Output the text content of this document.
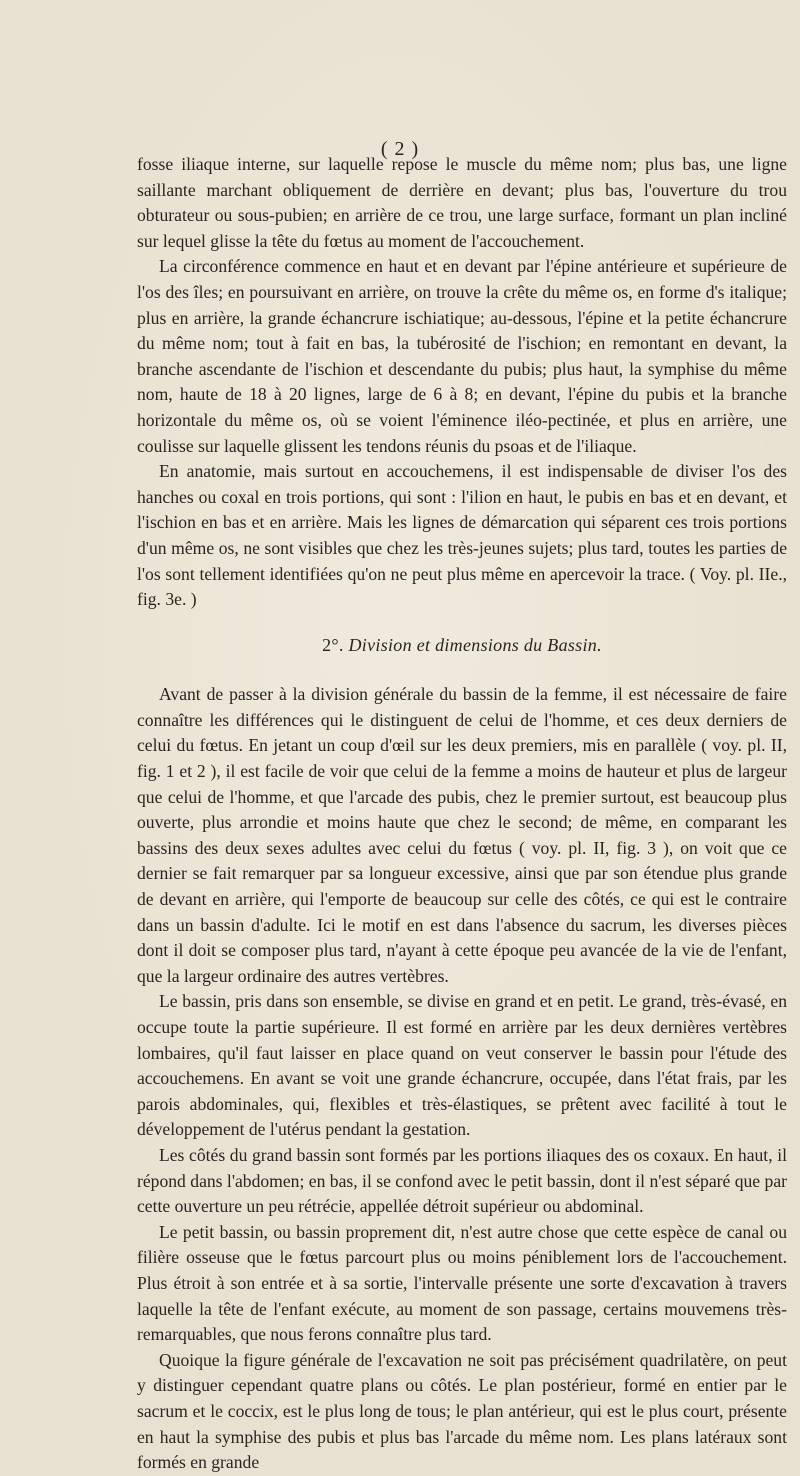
( 2 )

fosse iliaque interne, sur laquelle repose le muscle du même nom; plus bas, une ligne saillante marchant obliquement de derrière en devant; plus bas, l'ouverture du trou obturateur ou sous-pubien; en arrière de ce trou, une large surface, formant un plan incliné sur lequel glisse la tête du fœtus au moment de l'accouchement.

La circonférence commence en haut et en devant par l'épine antérieure et supérieure de l'os des îles; en poursuivant en arrière, on trouve la crête du même os, en forme d's italique; plus en arrière, la grande échancrure ischiatique; au-dessous, l'épine et la petite échancrure du même nom; tout à fait en bas, la tubérosité de l'ischion; en remontant en devant, la branche ascendante de l'ischion et descendante du pubis; plus haut, la symphise du même nom, haute de 18 à 20 lignes, large de 6 à 8; en devant, l'épine du pubis et la branche horizontale du même os, où se voient l'éminence iléo-pectinée, et plus en arrière, une coulisse sur laquelle glissent les tendons réunis du psoas et de l'iliaque.

En anatomie, mais surtout en accouchemens, il est indispensable de diviser l'os des hanches ou coxal en trois portions, qui sont : l'ilion en haut, le pubis en bas et en devant, et l'ischion en bas et en arrière. Mais les lignes de démarcation qui séparent ces trois portions d'un même os, ne sont visibles que chez les très-jeunes sujets; plus tard, toutes les parties de l'os sont tellement identifiées qu'on ne peut plus même en apercevoir la trace. ( Voy. pl. IIe., fig. 3e. )

2°. Division et dimensions du Bassin.

Avant de passer à la division générale du bassin de la femme, il est nécessaire de faire connaître les différences qui le distinguent de celui de l'homme, et ces deux derniers de celui du fœtus. En jetant un coup d'œil sur les deux premiers, mis en parallèle ( voy. pl. II, fig. 1 et 2 ), il est facile de voir que celui de la femme a moins de hauteur et plus de largeur que celui de l'homme, et que l'arcade des pubis, chez le premier surtout, est beaucoup plus ouverte, plus arrondie et moins haute que chez le second; de même, en comparant les bassins des deux sexes adultes avec celui du fœtus ( voy. pl. II, fig. 3 ), on voit que ce dernier se fait remarquer par sa longueur excessive, ainsi que par son étendue plus grande de devant en arrière, qui l'emporte de beaucoup sur celle des côtés, ce qui est le contraire dans un bassin d'adulte. Ici le motif en est dans l'absence du sacrum, les diverses pièces dont il doit se composer plus tard, n'ayant à cette époque peu avancée de la vie de l'enfant, que la largeur ordinaire des autres vertèbres.

Le bassin, pris dans son ensemble, se divise en grand et en petit. Le grand, très-évasé, en occupe toute la partie supérieure. Il est formé en arrière par les deux dernières vertèbres lombaires, qu'il faut laisser en place quand on veut conserver le bassin pour l'étude des accouchemens. En avant se voit une grande échancrure, occupée, dans l'état frais, par les parois abdominales, qui, flexibles et très-élastiques, se prêtent avec facilité à tout le développement de l'utérus pendant la gestation.

Les côtés du grand bassin sont formés par les portions iliaques des os coxaux. En haut, il répond dans l'abdomen; en bas, il se confond avec le petit bassin, dont il n'est séparé que par cette ouverture un peu rétrécie, appellée détroit supérieur ou abdominal.

Le petit bassin, ou bassin proprement dit, n'est autre chose que cette espèce de canal ou filière osseuse que le fœtus parcourt plus ou moins péniblement lors de l'accouchement. Plus étroit à son entrée et à sa sortie, l'intervalle présente une sorte d'excavation à travers laquelle la tête de l'enfant exécute, au moment de son passage, certains mouvemens très-remarquables, que nous ferons connaître plus tard.

Quoique la figure générale de l'excavation ne soit pas précisément quadrilatère, on peut y distinguer cependant quatre plans ou côtés. Le plan postérieur, formé en entier par le sacrum et le coccix, est le plus long de tous; le plan antérieur, qui est le plus court, présente en haut la symphise des pubis et plus bas l'arcade du même nom. Les plans latéraux sont formés en grande
